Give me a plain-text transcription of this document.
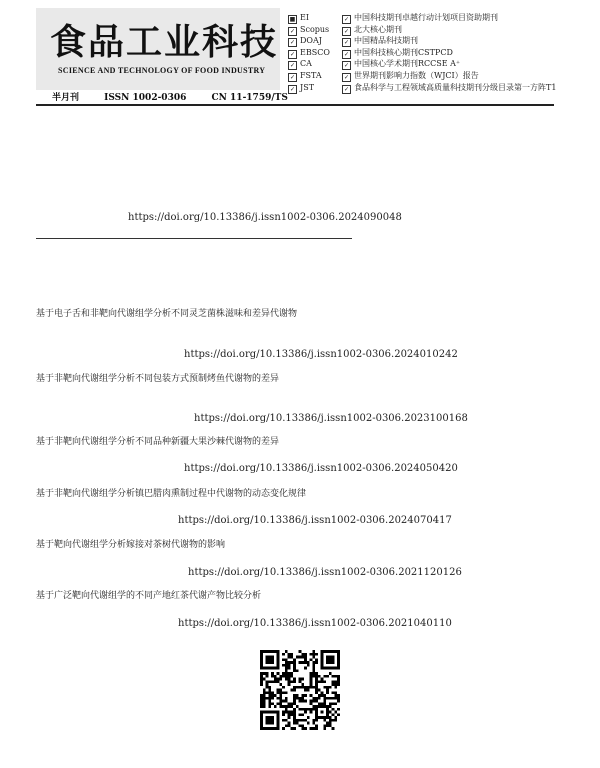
食品工业科技
SCIENCE AND TECHNOLOGY OF FOOD INDUSTRY
半月刊	ISSN 1002-0306	CN 11-1759/TS
■ EI
✓ Scopus
✓ DOAJ
✓ EBSCO
✓ CA
✓ FSTA
✓ JST
✓ 中国科技期刊卓越行动计划项目资助期刊
✓ 北大核心期刊
✓ 中国精品科技期刊
✓ 中国科技核心期刊CSTPCD
✓ 中国核心学术期刊RCCSE A⁺
✓ 世界期刊影响力指数（WJCI）报告
✓ 食品科学与工程领域高质量科技期刊分级目录第一方阵T1
https://doi.org/10.13386/j.issn1002-0306.2024090048
基于电子舌和非靶向代谢组学分析不同灵芝菌株滋味和差异代谢物
https://doi.org/10.13386/j.issn1002-0306.2024010242
基于非靶向代谢组学分析不同包装方式预制烤鱼代谢物的差异
https://doi.org/10.13386/j.issn1002-0306.2023100168
基于非靶向代谢组学分析不同品种新疆大果沙棘代谢物的差异
https://doi.org/10.13386/j.issn1002-0306.2024050420
基于非靶向代谢组学分析镇巴腊肉熏制过程中代谢物的动态变化规律
https://doi.org/10.13386/j.issn1002-0306.2024070417
基于靶向代谢组学分析嫁接对茶树代谢物的影响
https://doi.org/10.13386/j.issn1002-0306.2021120126
基于广泛靶向代谢组学的不同产地红茶代谢产物比较分析
https://doi.org/10.13386/j.issn1002-0306.2021040110
